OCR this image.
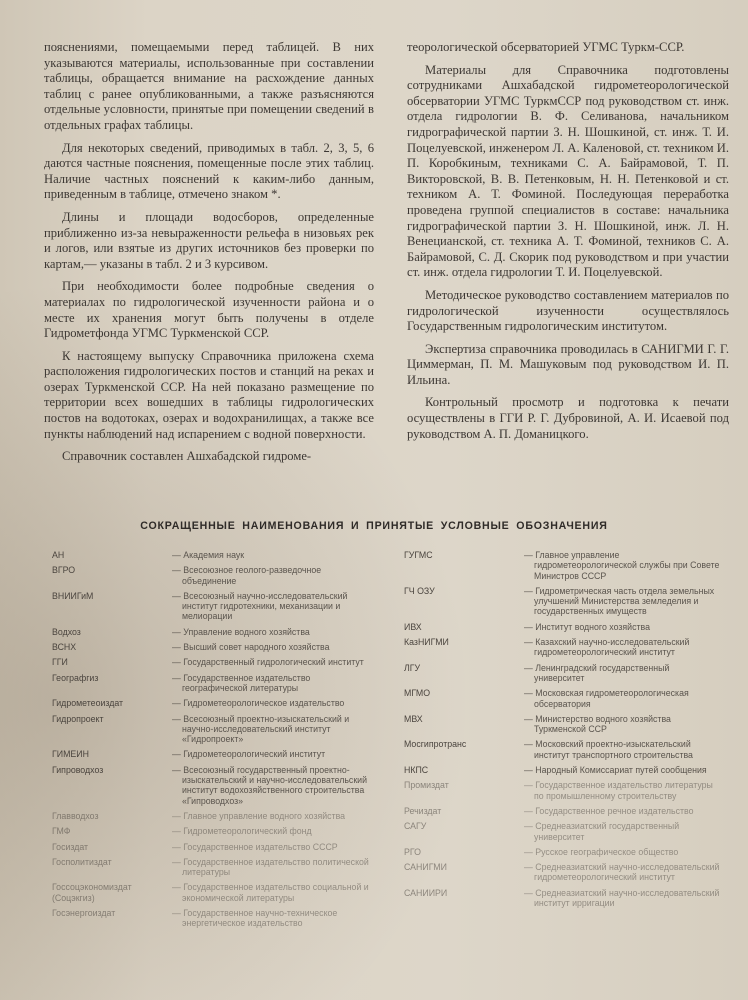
пояснениями, помещаемыми перед таблицей. В них указываются материалы, использованные при составлении таблицы, обращается внимание на расхождение данных таблиц с ранее опубликованными, а также разъясняются отдельные условности, принятые при помещении сведений в отдельных графах таблицы.

Для некоторых сведений, приводимых в табл. 2, 3, 5, 6 даются частные пояснения, помещенные после этих таблиц. Наличие частных пояснений к каким-либо данным, приведенным в таблице, отмечено знаком *.

Длины и площади водосборов, определенные приближенно из-за невыраженности рельефа в низовьях рек и логов, или взятые из других источников без проверки по картам,— указаны в табл. 2 и 3 курсивом.

При необходимости более подробные сведения о материалах по гидрологической изученности района и о месте их хранения могут быть получены в отделе Гидрометфонда УГМС Туркменской ССР.

К настоящему выпуску Справочника приложена схема расположения гидрологических постов и станций на реках и озерах Туркменской ССР. На ней показано размещение по территории всех вошедших в таблицы гидрологических постов на водотоках, озерах и водохранилищах, а также все пункты наблюдений над испарением с водной поверхности.

Справочник составлен Ашхабадской гидроме-

теорологической обсерваторией УГМС Туркм-ССР.

Материалы для Справочника подготовлены сотрудниками Ашхабадской гидрометеорологической обсерватории УГМС ТуркмССР под руководством ст. инж. отдела гидрологии В. Ф. Селиванова, начальником гидрографической партии З. Н. Шошкиной, ст. инж. Т. И. Поцелуевской, инженером Л. А. Каленовой, ст. техником И. П. Коробкиным, техниками С. А. Байрамовой, Т. П. Викторовской, В. В. Петенковым, Н. Н. Петенковой и ст. техником А. Т. Фоминой. Последующая переработка проведена группой специалистов в составе: начальника гидрографической партии З. Н. Шошкиной, инж. Л. Н. Венецианской, ст. техника А. Т. Фоминой, техников С. А. Байрамовой, С. Д. Скорик под руководством и при участии ст. инж. отдела гидрологии Т. И. Поцелуевской.

Методическое руководство составлением материалов по гидрологической изученности осуществлялось Государственным гидрологическим институтом.

Экспертиза справочника проводилась в САНИГМИ Г. Г. Циммерман, П. М. Машуковым под руководством И. П. Ильина.

Контрольный просмотр и подготовка к печати осуществлены в ГГИ Р. Г. Дубровиной, А. И. Исаевой под руководством А. П. Доманицкого.

СОКРАЩЕННЫЕ НАИМЕНОВАНИЯ И ПРИНЯТЫЕ УСЛОВНЫЕ ОБОЗНАЧЕНИЯ
АН	— Академия наук
ВГРО	— Всесоюзное геолого-разведочное объединение
ВНИИГиМ	— Всесоюзный научно-исследовательский институт гидротехники, механизации и мелиорации
Водхоз	— Управление водного хозяйства
ВСНХ	— Высший совет народного хозяйства
ГГИ	— Государственный гидрологический институт
Географгиз	— Государственное издательство географической литературы
Гидрометеоиздат	— Гидрометеорологическое издательство
Гидропроект	— Всесоюзный проектно-изыскательский и научно-исследовательский институт «Гидропроект»
ГИМЕИН	— Гидрометеорологический институт
Гипроводхоз	— Всесоюзный государственный проектно-изыскательский и научно-исследовательский институт водохозяйственного строительства «Гипроводхоз»
Главводхоз	— Главное управление водного хозяйства
ГМФ	— Гидрометеорологический фонд
Госиздат	— Государственное издательство СССР
Госполитиздат	— Государственное издательство политической литературы
Гоcсоцэкономиздат (Соцэкгиз)
— Государственное издательство социальной и экономической литературы
Госэнергоиздат	— Государственное научно-техническое энергетическое издательство
ГУГМС	— Главное управление гидрометеорологической службы при Совете Министров СССР
ГЧ ОЗУ	— Гидрометрическая часть отдела земельных улучшений Министерства земледелия и государственных имуществ
ИВХ	— Институт водного хозяйства
КазНИГМИ	— Казахский научно-исследовательский гидрометеорологический институт
ЛГУ	— Ленинградский государственный университет
МГМО	— Московская гидрометеорологическая обсерватория
МВХ	— Министерство водного хозяйства Туркменской ССР
Мосгипротранс	— Московский проектно-изыскательский институт транспортного строительства
НКПС	— Народный Комиссариат путей сообщения
Промиздат	— Государственное издательство литературы по промышленному строительству
Речиздат	— Государственное речное издательство
САГУ	— Среднеазиатский государственный университет
РГО	— Русское географическое общество
САНИГМИ	— Среднеазиатский научно-исследовательский гидрометеорологический институт
САНИИРИ	— Среднеазиатский научно-исследовательский институт ирригации
